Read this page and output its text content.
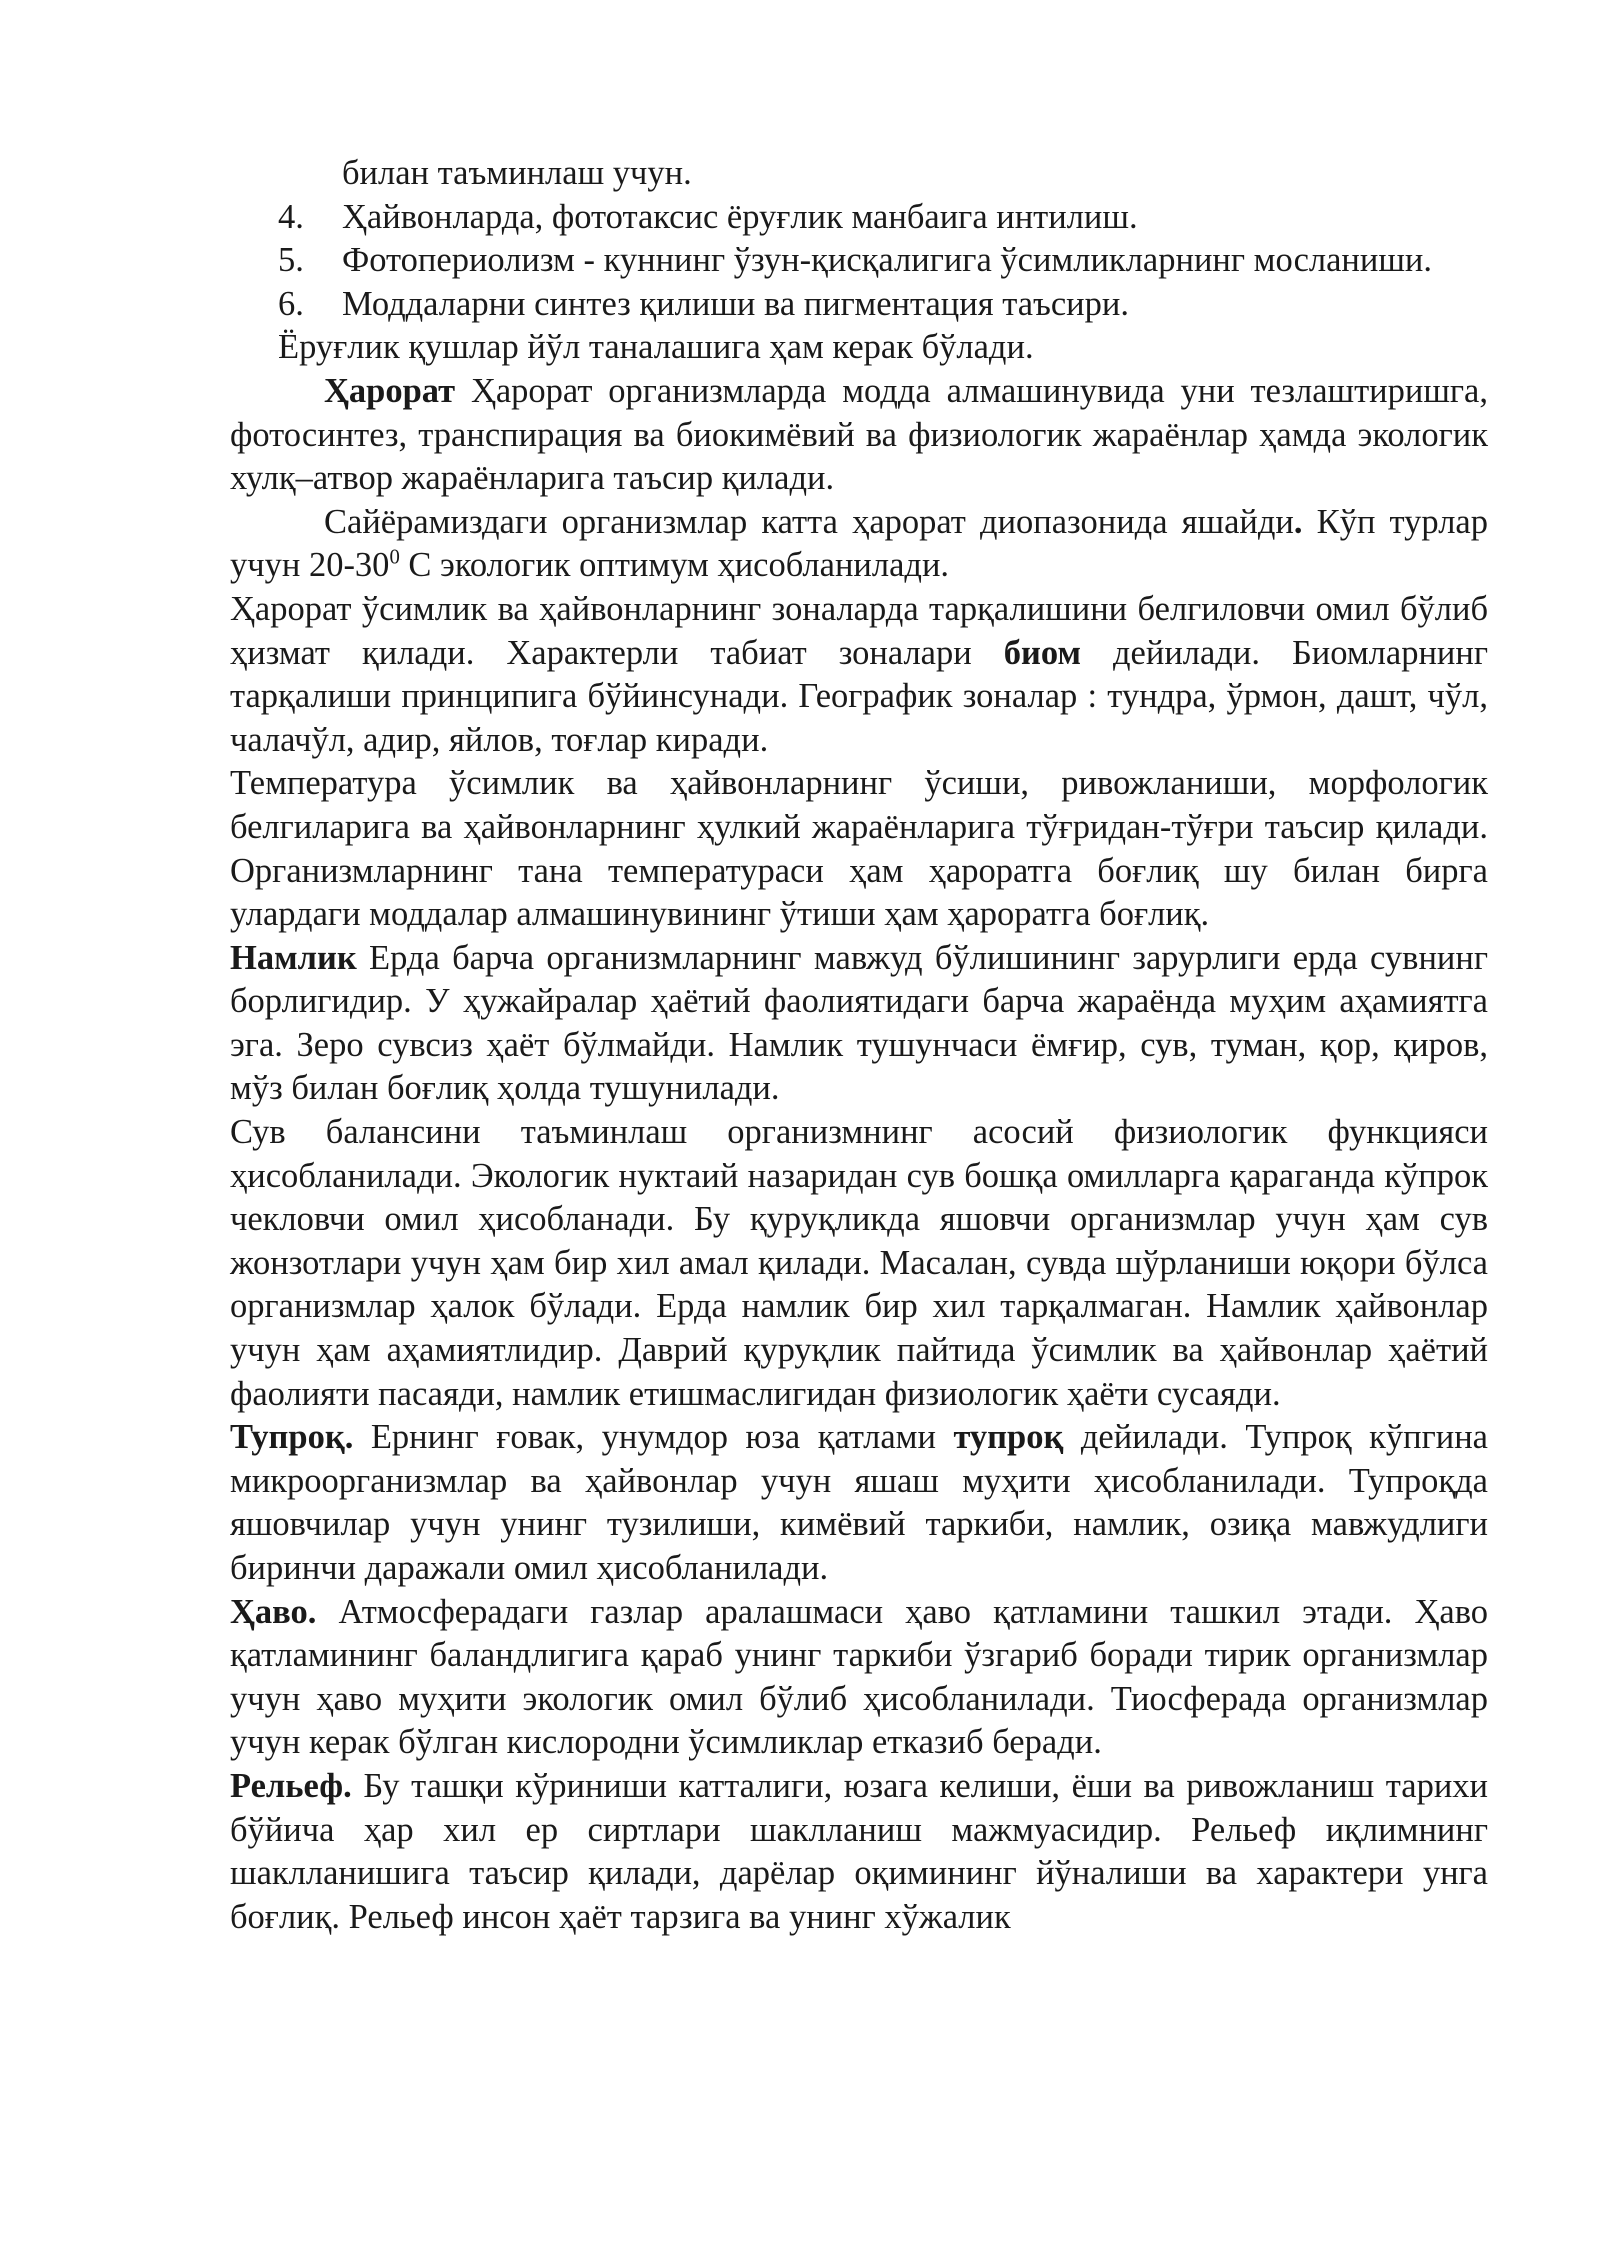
билан таъминлаш учун.

4.	Ҳайвонларда, фототаксис ёруғлик манбаига интилиш.
5.	Фотопериолизм - куннинг ўзун-қисқалигига ўсимликларнинг мосланиши.
6.	Моддаларни синтез қилиши ва пигментация таъсири.

Ёруғлик қушлар йўл таналашига ҳам керак бўлади.

Ҳарорат Ҳарорат организмларда модда алмашинувида уни тезлаштиришга, фотосинтез, транспирация ва биокимёвий ва физиологик жараёнлар ҳамда экологик хулқ–атвор жараёнларига таъсир қилади.

Сайёрамиздаги организмлар катта ҳарорат диопазонида яшайди. Кўп турлар учун $20-30^0$ С экологик оптимум ҳисобланилади.

Ҳарорат ўсимлик ва ҳайвонларнинг зоналарда тарқалишини белгиловчи омил бўлиб ҳизмат қилади. Характерли табиат зоналари биом дейилади. Биомларнинг тарқалиши принципига бўйинсунади. Географик зоналар : тундра, ўрмон, дашт, чўл, чалачўл, адир, яйлов, тоғлар киради.

Температура ўсимлик ва ҳайвонларнинг ўсиши, ривожланиши, морфологик белгиларига ва ҳайвонларнинг ҳулкий жараёнларига тўғридан-тўғри таъсир қилади. Организмларнинг тана температураси ҳам ҳароратга боғлиқ шу билан бирга улардаги моддалар алмашинувининг ўтиши ҳам ҳароратга боғлиқ.

Намлик Ерда барча организмларнинг мавжуд бўлишининг зарурлиги ерда сувнинг борлигидир. У ҳужайралар ҳаётий фаолиятидаги барча жараёнда муҳим аҳамиятга эга. Зеро сувсиз ҳаёт бўлмайди. Намлик тушунчаси ёмғир, сув, туман, қор, қиров, мўз билан боғлиқ ҳолда тушунилади.

Сув балансини таъминлаш организмнинг асосий физиологик функцияси ҳисобланилади. Экологик нуктаий назаридан сув бошқа омилларга қараганда кўпрок чекловчи омил ҳисобланади. Бу қуруқликда яшовчи организмлар учун ҳам сув жонзотлари учун ҳам бир хил амал қилади. Масалан, сувда шўрланиши юқори бўлса организмлар ҳалок бўлади. Ерда намлик бир хил тарқалмаган. Намлик ҳайвонлар учун ҳам аҳамиятлидир. Даврий қуруқлик пайтида ўсимлик ва ҳайвонлар ҳаётий фаолияти пасаяди, намлик етишмаслигидан физиологик ҳаёти сусаяди.

Тупроқ. Ернинг ғовак, унумдор юза қатлами тупроқ дейилади. Тупроқ кўпгина микроорганизмлар ва ҳайвонлар учун яшаш муҳити ҳисобланилади. Тупроқда яшовчилар учун унинг тузилиши, кимёвий таркиби, намлик, озиқа мавжудлиги биринчи даражали омил ҳисобланилади.

Ҳаво. Атмосферадаги газлар аралашмаси ҳаво қатламини ташкил этади. Ҳаво қатламининг баландлигига қараб унинг таркиби ўзгариб боради тирик организмлар учун ҳаво муҳити экологик омил бўлиб ҳисобланилади. Тиосферада организмлар учун керак бўлган кислородни ўсимликлар етказиб беради.

Рельеф. Бу ташқи кўриниши катталиги, юзага келиши, ёши ва ривожланиш тарихи бўйича ҳар хил ер сиртлари шаклланиш мажмуасидир. Рельеф иқлимнинг шаклланишига таъсир қилади, дарёлар оқимининг йўналиши ва характери унга боғлиқ. Рельеф инсон ҳаёт тарзига ва унинг хўжалик
